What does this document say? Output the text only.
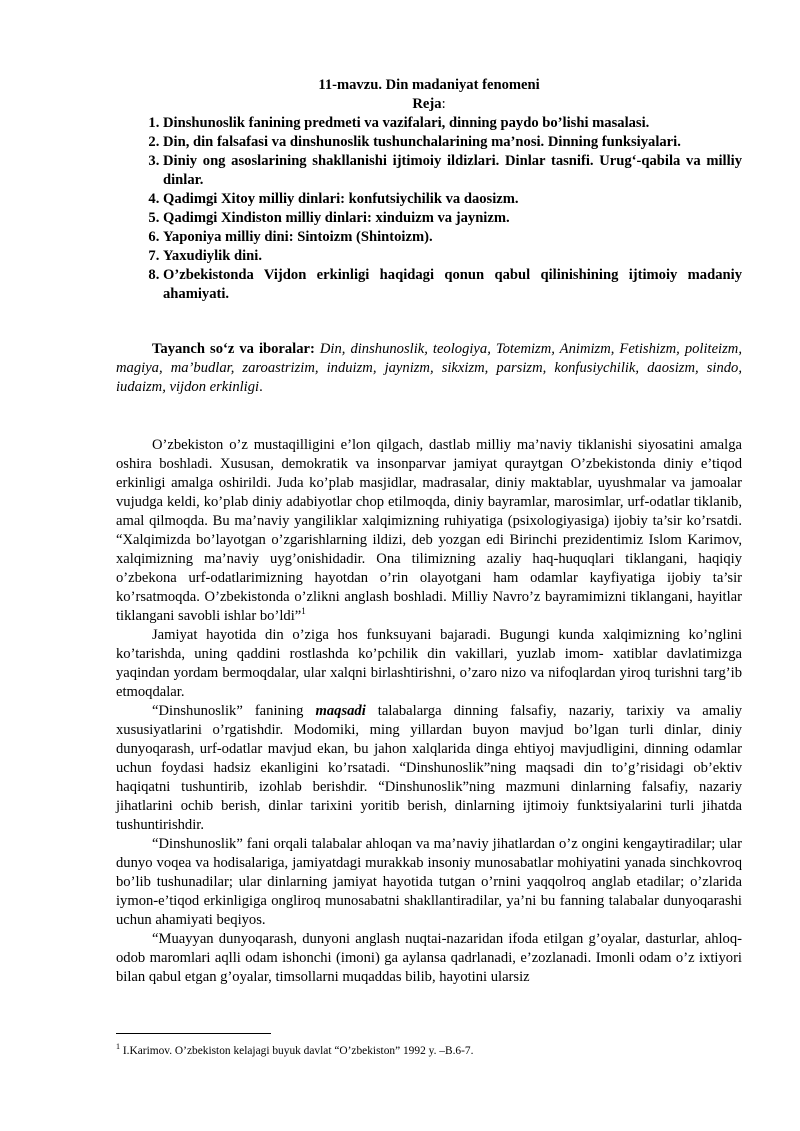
11-mavzu. Din madaniyat fenomeni

Reja:

1. Dinshunoslik fanining predmeti va vazifalari, dinning paydo bo’lishi masalasi.
2. Din, din falsafasi va dinshunoslik tushunchalarining ma’nosi. Dinning funksiyalari.
3. Diniy ong asoslarining shakllanishi ijtimoiy ildizlari. Dinlar tasnifi. Urug‘-qabila va milliy dinlar.
4. Qadimgi Xitoy milliy dinlari: konfutsiychilik va daosizm.
5. Qadimgi Xindiston milliy dinlari: xinduizm va jaynizm.
6. Yaponiya milliy dini: Sintoizm (Shintoizm).
7. Yaxudiylik dini.
8. O’zbekistonda Vijdon erkinligi haqidagi qonun qabul qilinishining ijtimoiy madaniy ahamiyati.

Tayanch so‘z va iboralar: Din, dinshunoslik, teologiya, Totemizm, Animizm, Fetishizm, politeizm, magiya, ma’budlar, zaroastrizim, induizm, jaynizm, sikxizm, parsizm, konfusiychilik, daosizm, sindo, iudaizm, vijdon erkinligi.

O’zbekiston o’z mustaqilligini e’lon qilgach, dastlab milliy ma’naviy tiklanishi siyosatini amalga oshira boshladi. Xususan, demokratik va insonparvar jamiyat quraytgan O’zbekistonda diniy e’tiqod erkinligi amalga oshirildi. Juda ko’plab masjidlar, madrasalar, diniy maktablar, uyushmalar va jamoalar vujudga keldi, ko’plab diniy adabiyotlar chop etilmoqda, diniy bayramlar, marosimlar, urf-odatlar tiklanib, amal qilmoqda. Bu ma’naviy yangiliklar xalqimizning ruhiyatiga (psixologiyasiga) ijobiy ta’sir ko’rsatdi. “Xalqimizda bo’layotgan o’zgarishlarning ildizi, deb yozgan edi Birinchi prezidentimiz Islom Karimov, xalqimizning ma’naviy uyg’onishidadir. Ona tilimizning azaliy haq-huquqlari tiklangani, haqiqiy o’zbekona urf-odatlarimizning hayotdan o’rin olayotgani ham odamlar kayfiyatiga ijobiy ta’sir ko’rsatmoqda. O’zbekistonda o’zlikni anglash boshladi. Milliy Navro’z bayramimizni tiklangani, hayitlar tiklangani savobli ishlar bo’ldi”$^1$

Jamiyat hayotida din o’ziga hos funksuyani bajaradi. Bugungi kunda xalqimizning ko’nglini ko’tarishda, uning qaddini rostlashda ko’pchilik din vakillari, yuzlab imom- xatiblar davlatimizga yaqindan yordam bermoqdalar, ular xalqni birlashtirishni, o’zaro nizo va nifoqlardan yiroq turishni targ’ib etmoqdalar.

“Dinshunoslik” fanining maqsadi talabalarga dinning falsafiy, nazariy, tarixiy va amaliy xususiyatlarini o’rgatishdir. Modomiki, ming yillardan buyon mavjud bo’lgan turli dinlar, diniy dunyoqarash, urf-odatlar mavjud ekan, bu jahon xalqlarida dinga ehtiyoj mavjudligini, dinning odamlar uchun foydasi hadsiz ekanligini ko’rsatadi. “Dinshunoslik”ning maqsadi din to’g’risidagi ob’ektiv haqiqatni tushuntirib, izohlab berishdir. “Dinshunoslik”ning mazmuni dinlarning falsafiy, nazariy jihatlarini ochib berish, dinlar tarixini yoritib berish, dinlarning ijtimoiy funktsiyalarini turli jihatda tushuntirishdir.

“Dinshunoslik” fani orqali talabalar ahloqan va ma’naviy jihatlardan o’z ongini kengaytiradilar; ular dunyo voqea va hodisalariga, jamiyatdagi murakkab insoniy munosabatlar mohiyatini yanada sinchkovroq bo’lib tushunadilar; ular dinlarning jamiyat hayotida tutgan o’rnini yaqqolroq anglab etadilar; o’zlarida iymon-e’tiqod erkinligiga ongliroq munosabatni shakllantiradilar, ya’ni bu fanning talabalar dunyoqarashi uchun ahamiyati beqiyos.

“Muayyan dunyoqarash, dunyoni anglash nuqtai-nazaridan ifoda etilgan g’oyalar, dasturlar, ahloq-odob maromlari aqlli odam ishonchi (imoni) ga aylansa qadrlanadi, e’zozlanadi. Imonli odam o’z ixtiyori bilan qabul etgan g’oyalar, timsollarni muqaddas bilib, hayotini ularsiz

$^1$ I.Karimov. O’zbekiston kelajagi buyuk davlat “O’zbekiston” 1992 y. –B.6-7.
